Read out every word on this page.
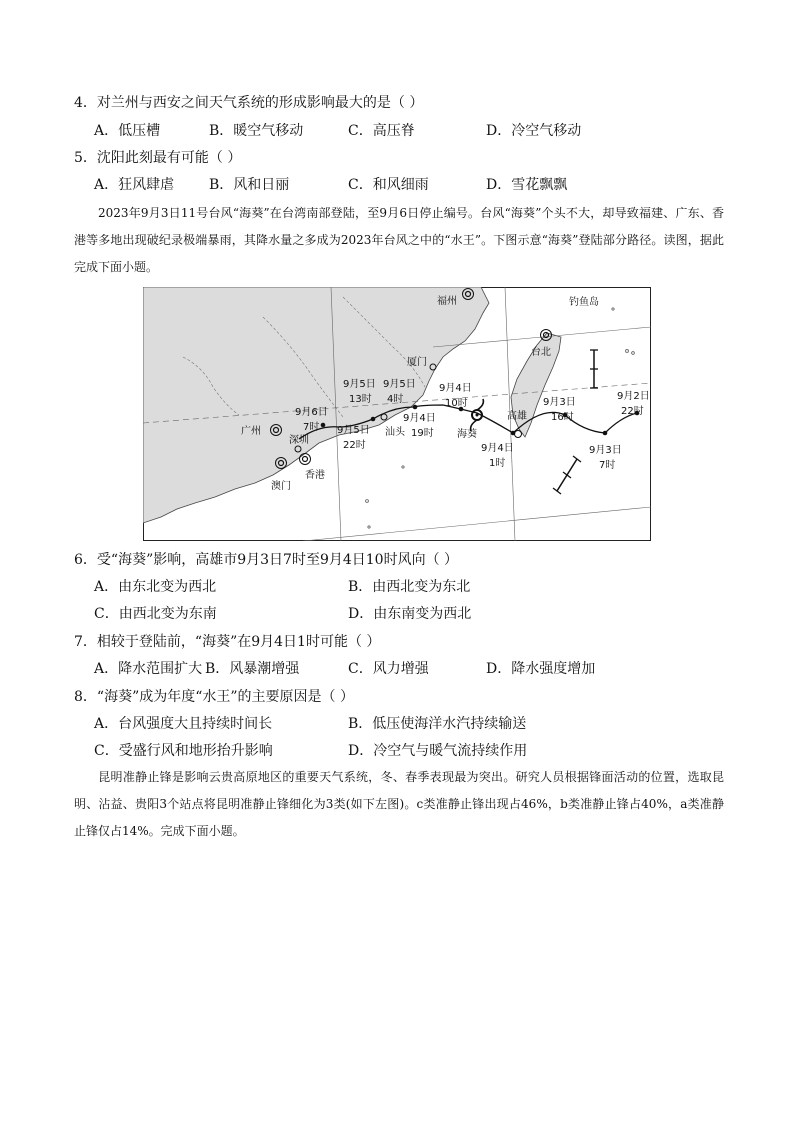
4．对兰州与西安之间天气系统的形成影响最大的是（ ）
A．低压槽	B．暖空气移动	C．高压脊	D．冷空气移动
5．沈阳此刻最有可能（ ）
A．狂风肆虐 B．风和日丽	C．和风细雨	D．雪花飘飘
2023年9月3日11号台风“海葵”在台湾南部登陆，至9月6日停止编号。台风“海葵”个头不大，却导致福建、广东、香港等多地出现破纪录极端暴雨，其降水量之多成为2023年台风之中的“水王”。下图示意“海葵”登陆部分路径。读图，据此完成下面小题。
福州	钓鱼岛
台北
厦门
广州
深圳
香港
澳门
汕头
高雄
海葵
9月2日
22时
9月3日
7时
9月3日
16时
9月4日
1时
9月4日
10时
9月4日
19时
9月5日
4时
9月5日
13时
9月5日
22时
9月6日
7时
6．受“海葵”影响，高雄市9月3日7时至9月4日10时风向（ ）
A．由东北变为西北	B．由西北变为东北
C．由西北变为东南	D．由东南变为西北
7．相较于登陆前，“海葵”在9月4日1时可能（ ）
A．降水范围扩大 B．风暴潮增强	C．风力增强	D．降水强度增加
8．“海葵”成为年度“水王”的主要原因是（ ）
A．台风强度大且持续时间长	B．低压使海洋水汽持续输送
C．受盛行风和地形抬升影响	D．冷空气与暖气流持续作用
昆明准静止锋是影响云贵高原地区的重要天气系统，冬、春季表现最为突出。研究人员根据锋面活动的位置，选取昆明、沾益、贵阳3个站点将昆明准静止锋细化为3类(如下左图)。c类准静止锋出现占46%，b类准静止锋占40%，a类准静止锋仅占14%。完成下面小题。
